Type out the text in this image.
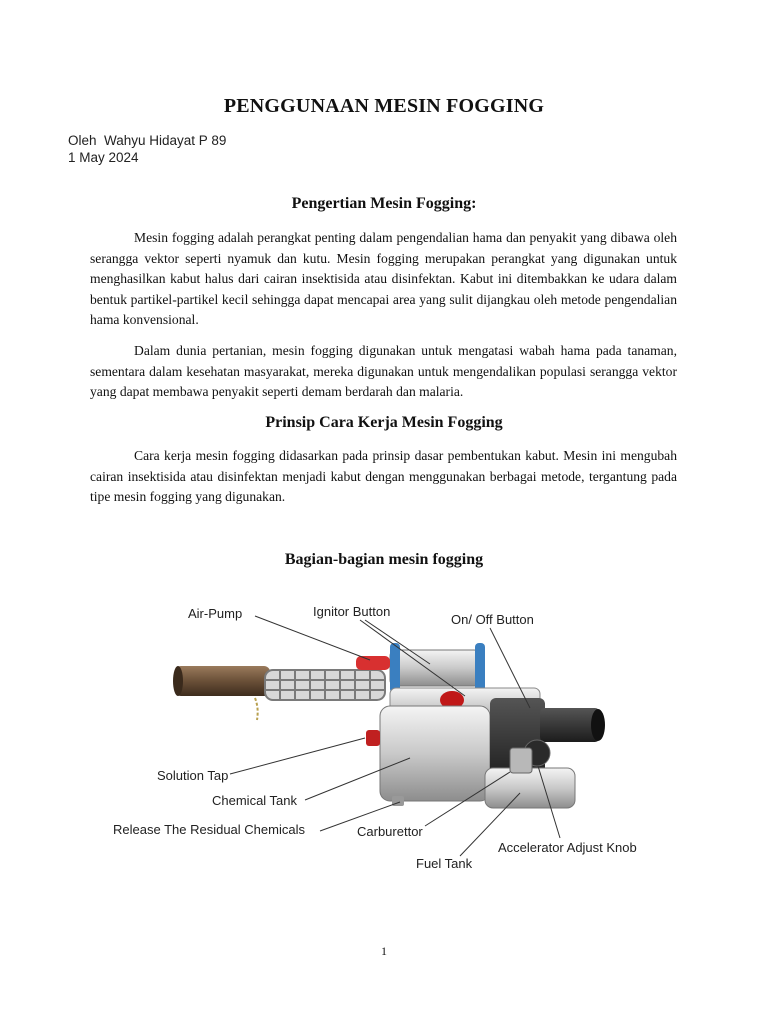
PENGGUNAAN MESIN FOGGING
Oleh  Wahyu Hidayat P 89
1 May 2024
Pengertian Mesin Fogging:
Mesin fogging adalah perangkat penting dalam pengendalian hama dan penyakit yang dibawa oleh serangga vektor seperti nyamuk dan kutu. Mesin fogging merupakan perangkat yang digunakan untuk menghasilkan kabut halus dari cairan insektisida atau disinfektan. Kabut ini ditembakkan ke udara dalam bentuk partikel-partikel kecil sehingga dapat mencapai area yang sulit dijangkau oleh metode pengendalian hama konvensional.
Dalam dunia pertanian, mesin fogging digunakan untuk mengatasi wabah hama pada tanaman, sementara dalam kesehatan masyarakat, mereka digunakan untuk mengendalikan populasi serangga vektor yang dapat membawa penyakit seperti demam berdarah dan malaria.
Prinsip Cara Kerja Mesin Fogging
Cara kerja mesin fogging didasarkan pada prinsip dasar pembentukan kabut. Mesin ini mengubah cairan insektisida atau disinfektan menjadi kabut dengan menggunakan berbagai metode, tergantung pada tipe mesin fogging yang digunakan.
Bagian-bagian mesin fogging
Air-Pump	Ignitor Button
On/ Off Button
Solution Tap
Chemical Tank
Release The Residual Chemicals	Carburettor
Fuel Tank
Accelerator Adjust Knob
1
